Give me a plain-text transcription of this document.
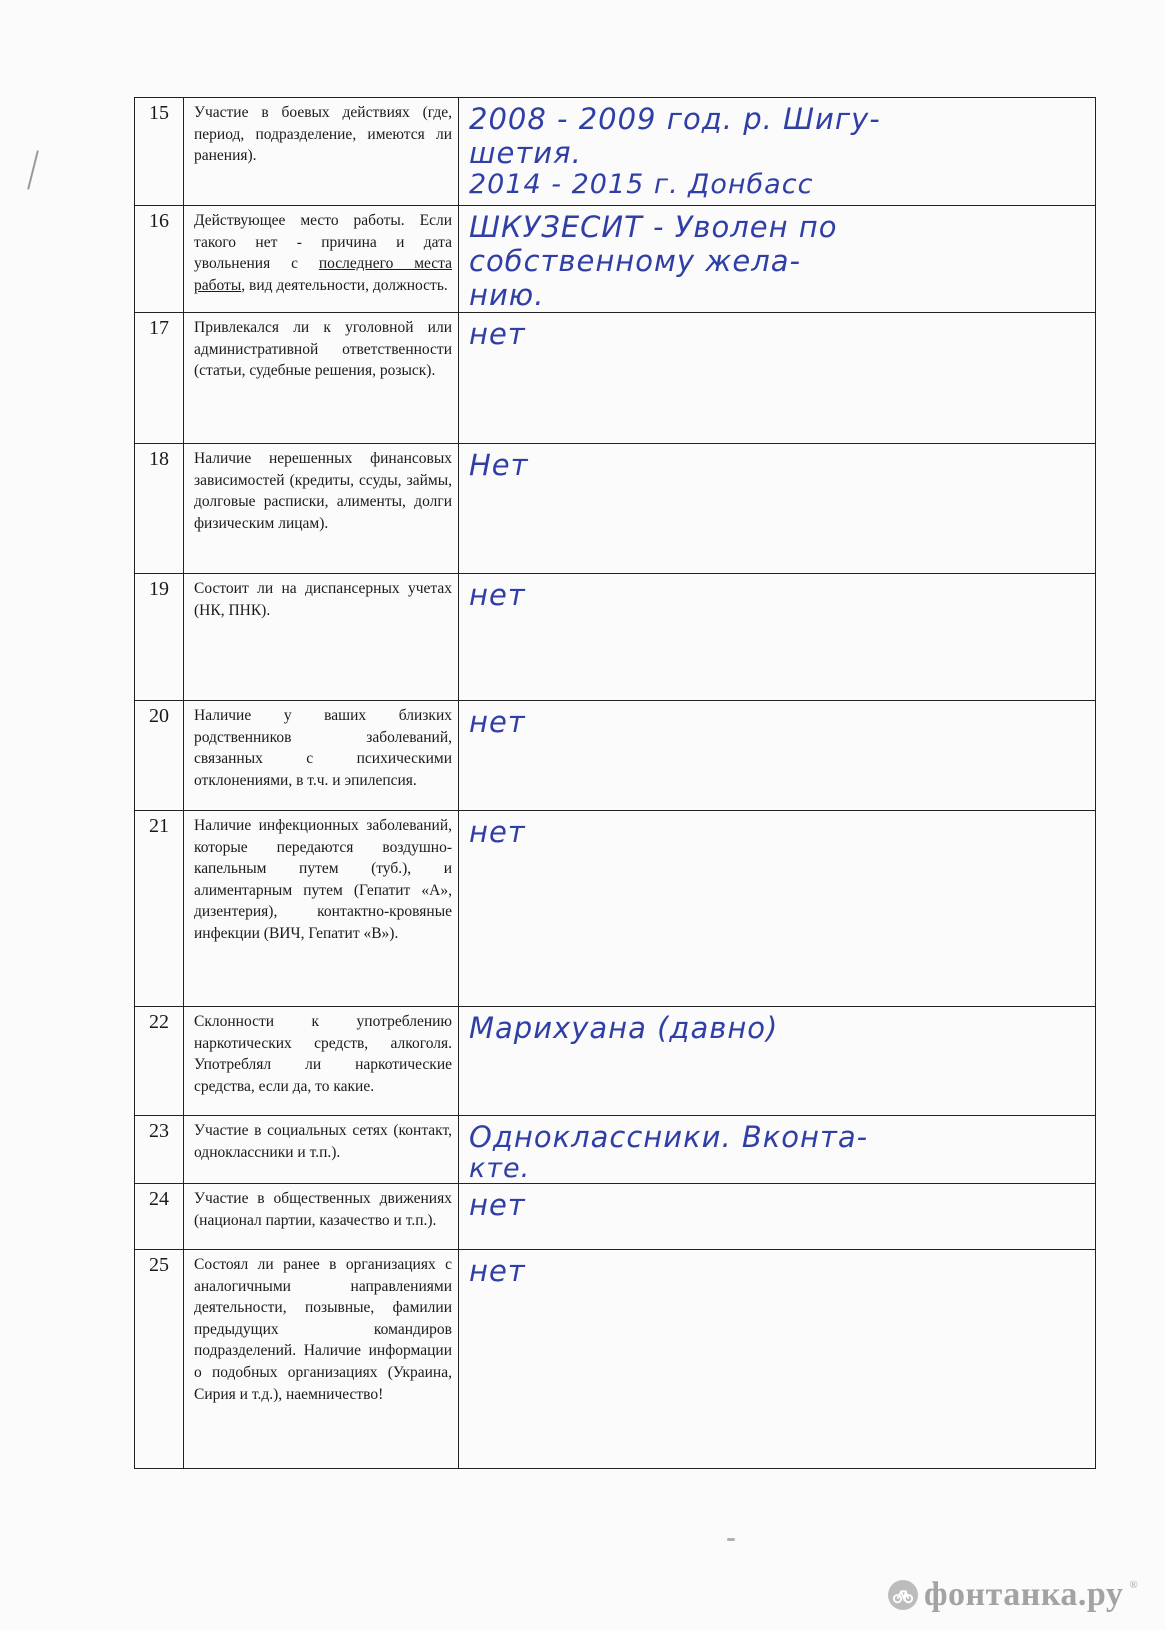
15	Участие в боевых действиях (где, период, подразделение, имеются ли ранения).	2008 - 2009 год. р. Шигу-
шетия.
2014 - 2015 г. Донбасс

16	Действующее место работы. Если такого нет - причина и дата увольнения с последнего места работы, вид деятельности, должность.	ШКУЗЕСИТ - Уволен по
собственному жела-
нию.

17	Привлекался ли к уголовной или административной ответственности (статьи, судебные решения, розыск).	нет

18	Наличие нерешенных финансовых зависимостей (кредиты, ссуды, займы, долговые расписки, алименты, долги физическим лицам).	Нет

19	Состоит ли на диспансерных учетах (НК, ПНК).	нет

20	Наличие у ваших близких родственников заболеваний, связанных с психическими отклонениями, в т.ч. и эпилепсия.	нет

21	Наличие инфекционных заболеваний, которые передаются воздушно-капельным путем (туб.), и алиментарным путем (Гепатит «А», дизентерия), контактно-кровяные инфекции (ВИЧ, Гепатит «В»).	нет

22	Склонности к употреблению наркотических средств, алкоголя. Употреблял ли наркотические средства, если да, то какие.	Марихуана (давно)

23	Участие в социальных сетях (контакт, одноклассники и т.п.).	Одноклассники. Вконта-
кте.

24	Участие в общественных движениях (национал партии, казачество и т.п.).	нет

25	Состоял ли ранее в организациях с аналогичными направлениями деятельности, позывные, фамилии предыдущих командиров подразделений. Наличие информации о подобных организациях (Украина, Сирия и т.д.), наемничество!	нет
фонтанка.ру ®
